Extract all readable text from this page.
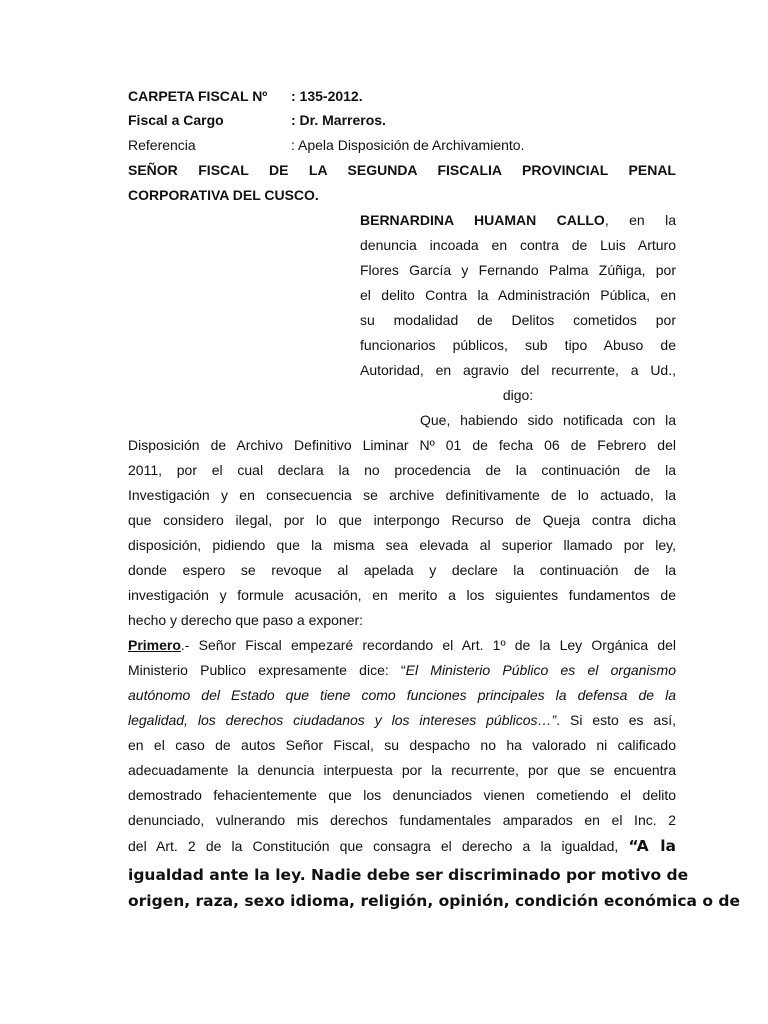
CARPETA FISCAL Nº : 135-2012.
Fiscal a Cargo	: Dr. Marreros.
Referencia	: Apela Disposición de Archivamiento.
SEÑOR FISCAL DE LA SEGUNDA FISCALIA PROVINCIAL PENAL
CORPORATIVA DEL CUSCO.
BERNARDINA HUAMAN CALLO, en la
denuncia incoada en contra de Luis Arturo
Flores García y Fernando Palma Zúñiga, por
el delito Contra la Administración Pública, en
su modalidad de Delitos cometidos por
funcionarios públicos, sub tipo Abuso de
Autoridad, en agravio del recurrente, a Ud.,
digo:
Que, habiendo sido notificada con la
Disposición de Archivo Definitivo Liminar Nº 01 de fecha 06 de Febrero del
2011, por el cual declara la no procedencia de la continuación de la
Investigación y en consecuencia se archive definitivamente de lo actuado, la
que considero ilegal, por lo que interpongo Recurso de Queja contra dicha
disposición, pidiendo que la misma sea elevada al superior llamado por ley,
donde espero se revoque al apelada y declare la continuación de la
investigación y formule acusación, en merito a los siguientes fundamentos de
hecho y derecho que paso a exponer:
Primero.- Señor Fiscal empezaré recordando el Art. 1º de la Ley Orgánica del
Ministerio Publico expresamente dice: “El Ministerio Público es el organismo
autónomo del Estado que tiene como funciones principales la defensa de la
legalidad, los derechos ciudadanos y los intereses públicos…”. Si esto es así,
en el caso de autos Señor Fiscal, su despacho no ha valorado ni calificado
adecuadamente la denuncia interpuesta por la recurrente, por que se encuentra
demostrado fehacientemente que los denunciados vienen cometiendo el delito
denunciado, vulnerando mis derechos fundamentales amparados en el Inc. 2
del Art. 2 de la Constitución que consagra el derecho a la igualdad, “A la
igualdad ante la ley. Nadie debe ser discriminado por motivo de
origen, raza, sexo idioma, religión, opinión, condición económica o de
